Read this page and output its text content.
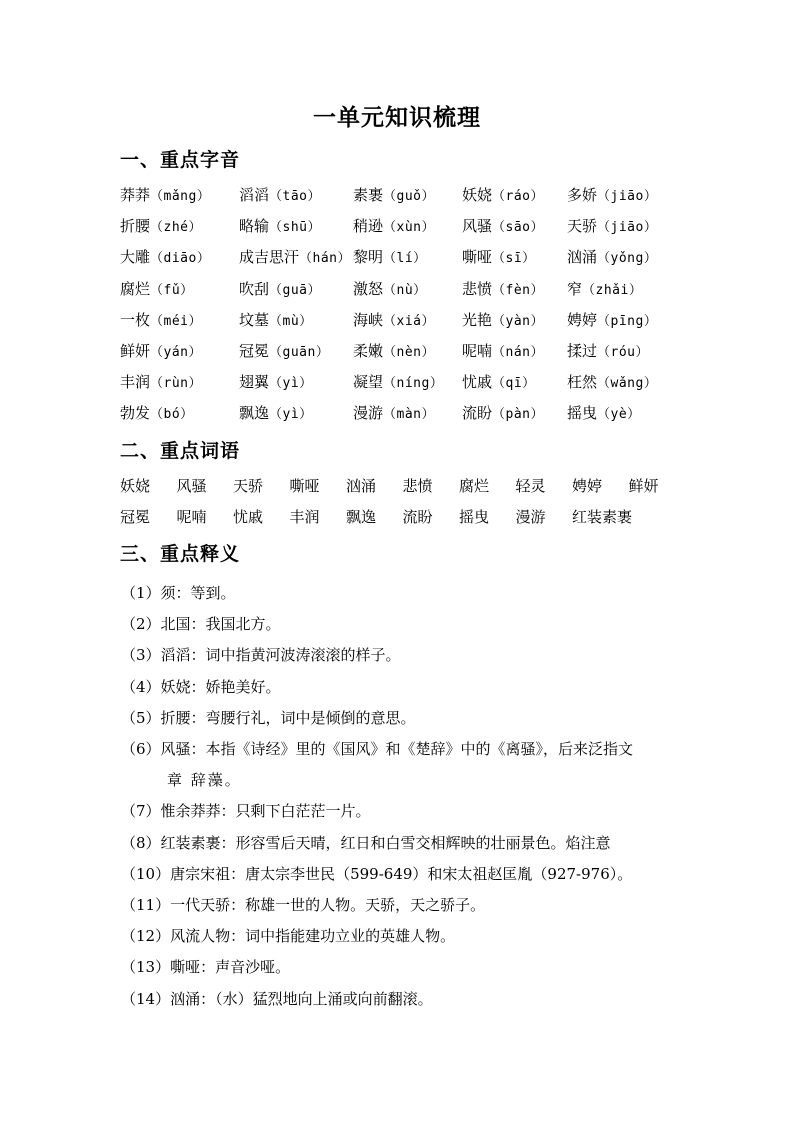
一单元知识梳理
一、重点字音
莽莽（mǎng）	滔滔（tāo）	素裹（guǒ）	妖娆（ráo）	多娇（jiāo）
折腰（zhé）	略输（shū）	稍逊（xùn）	风骚（sāo）	天骄（jiāo）
大雕（diāo）	成吉思汗（hán） 黎明（lí）	嘶哑（sī）	汹涌（yǒng）
腐烂（fǔ）	吹刮（guā）	激怒（nù）	悲愤（fèn）	窄（zhǎi）
一枚（méi）	坟墓（mù）	海峡（xiá）	光艳（yàn）	娉婷（pīng）
鲜妍（yán）	冠冕（guān）	柔嫩（nèn）	呢喃（nán）	揉过（róu）
丰润（rùn）	翅翼（yì）	凝望（níng）	忧戚（qī）	枉然（wǎng）
勃发（bó）	飘逸（yì）	漫游（màn）	流盼（pàn）	摇曳（yè）
二、重点词语
妖娆	风骚	天骄	嘶哑	汹涌	悲愤	腐烂	轻灵	娉婷	鲜妍
冠冕	呢喃	忧戚	丰润	飘逸	流盼	摇曳	漫游	红装素裹
三、重点释义
（1）须：等到。
（2）北国：我国北方。
（3）滔滔：词中指黄河波涛滚滚的样子。
（4）妖娆：娇艳美好。
（5）折腰：弯腰行礼，词中是倾倒的意思。
（6）风骚：本指《诗经》里的《国风》和《楚辞》中的《离骚》，后来泛指文
章 辞藻。
（7）惟余莽莽：只剩下白茫茫一片。
（8）红装素裹：形容雪后天晴，红日和白雪交相辉映的壮丽景色。焰注意
（10）唐宗宋祖：唐太宗李世民（599-649）和宋太祖赵匡胤（927-976）。
（11）一代天骄：称雄一世的人物。天骄，天之骄子。
（12）风流人物：词中指能建功立业的英雄人物。
（13）嘶哑：声音沙哑。
（14）汹涌：（水）猛烈地向上涌或向前翻滚。
